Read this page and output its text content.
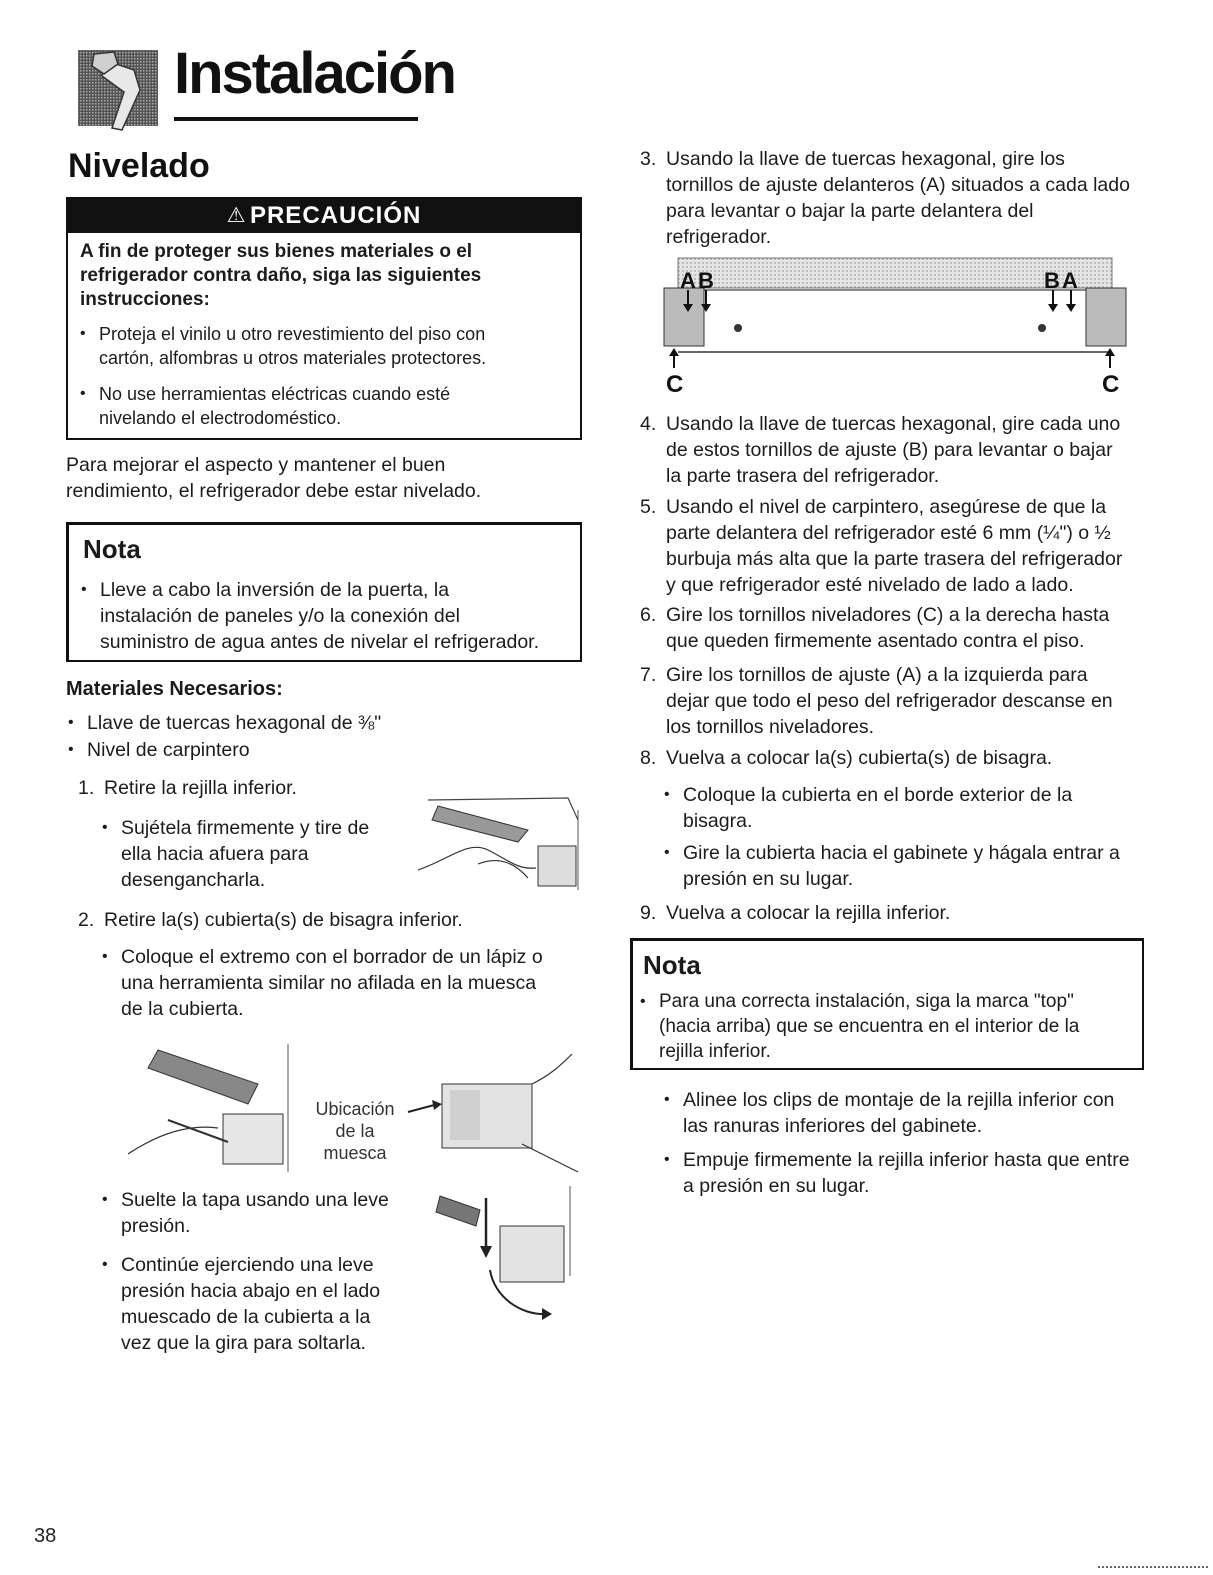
Instalación
Nivelado
⚠ PRECAUCIÓN
A fin de proteger sus bienes materiales o el
refrigerador contra daño, siga las siguientes
instrucciones:
• Proteja el vinilo u otro revestimiento del piso con
cartón, alfombras u otros materiales protectores.
• No use herramientas eléctricas cuando esté
nivelando el electrodoméstico.
Para mejorar el aspecto y mantener el buen
rendimiento, el refrigerador debe estar nivelado.
Nota
• Lleve a cabo la inversión de la puerta, la
instalación de paneles y/o la conexión del
suministro de agua antes de nivelar el refrigerador.
Materiales Necesarios:
• Llave de tuercas hexagonal de ⅜"
• Nivel de carpintero
1. Retire la rejilla inferior.
• Sujétela firmemente y tire de
ella hacia afuera para
desengancharla.
2. Retire la(s) cubierta(s) de bisagra inferior.
• Coloque el extremo con el borrador de un lápiz o
una herramienta similar no afilada en la muesca
de la cubierta.
Ubicación
de la
muesca
• Suelte la tapa usando una leve
presión.
• Continúe ejerciendo una leve
presión hacia abajo en el lado
muescado de la cubierta a la
vez que la gira para soltarla.
3. Usando la llave de tuercas hexagonal, gire los
tornillos de ajuste delanteros (A) situados a cada lado
para levantar o bajar la parte delantera del
refrigerador.
A B	B A
C	C
4. Usando la llave de tuercas hexagonal, gire cada uno
de estos tornillos de ajuste (B) para levantar o bajar
la parte trasera del refrigerador.
5. Usando el nivel de carpintero, asegúrese de que la
parte delantera del refrigerador esté 6 mm (¼") o ½
burbuja más alta que la parte trasera del refrigerador
y que refrigerador esté nivelado de lado a lado.
6. Gire los tornillos niveladores (C) a la derecha hasta
que queden firmemente asentado contra el piso.
7. Gire los tornillos de ajuste (A) a la izquierda para
dejar que todo el peso del refrigerador descanse en
los tornillos niveladores.
8. Vuelva a colocar la(s) cubierta(s) de bisagra.
• Coloque la cubierta en el borde exterior de la
bisagra.
• Gire la cubierta hacia el gabinete y hágala entrar a
presión en su lugar.
9. Vuelva a colocar la rejilla inferior.
Nota
• Para una correcta instalación, siga la marca "top"
(hacia arriba) que se encuentra en el interior de la
rejilla inferior.
• Alinee los clips de montaje de la rejilla inferior con
las ranuras inferiores del gabinete.
• Empuje firmemente la rejilla inferior hasta que entre
a presión en su lugar.
38
